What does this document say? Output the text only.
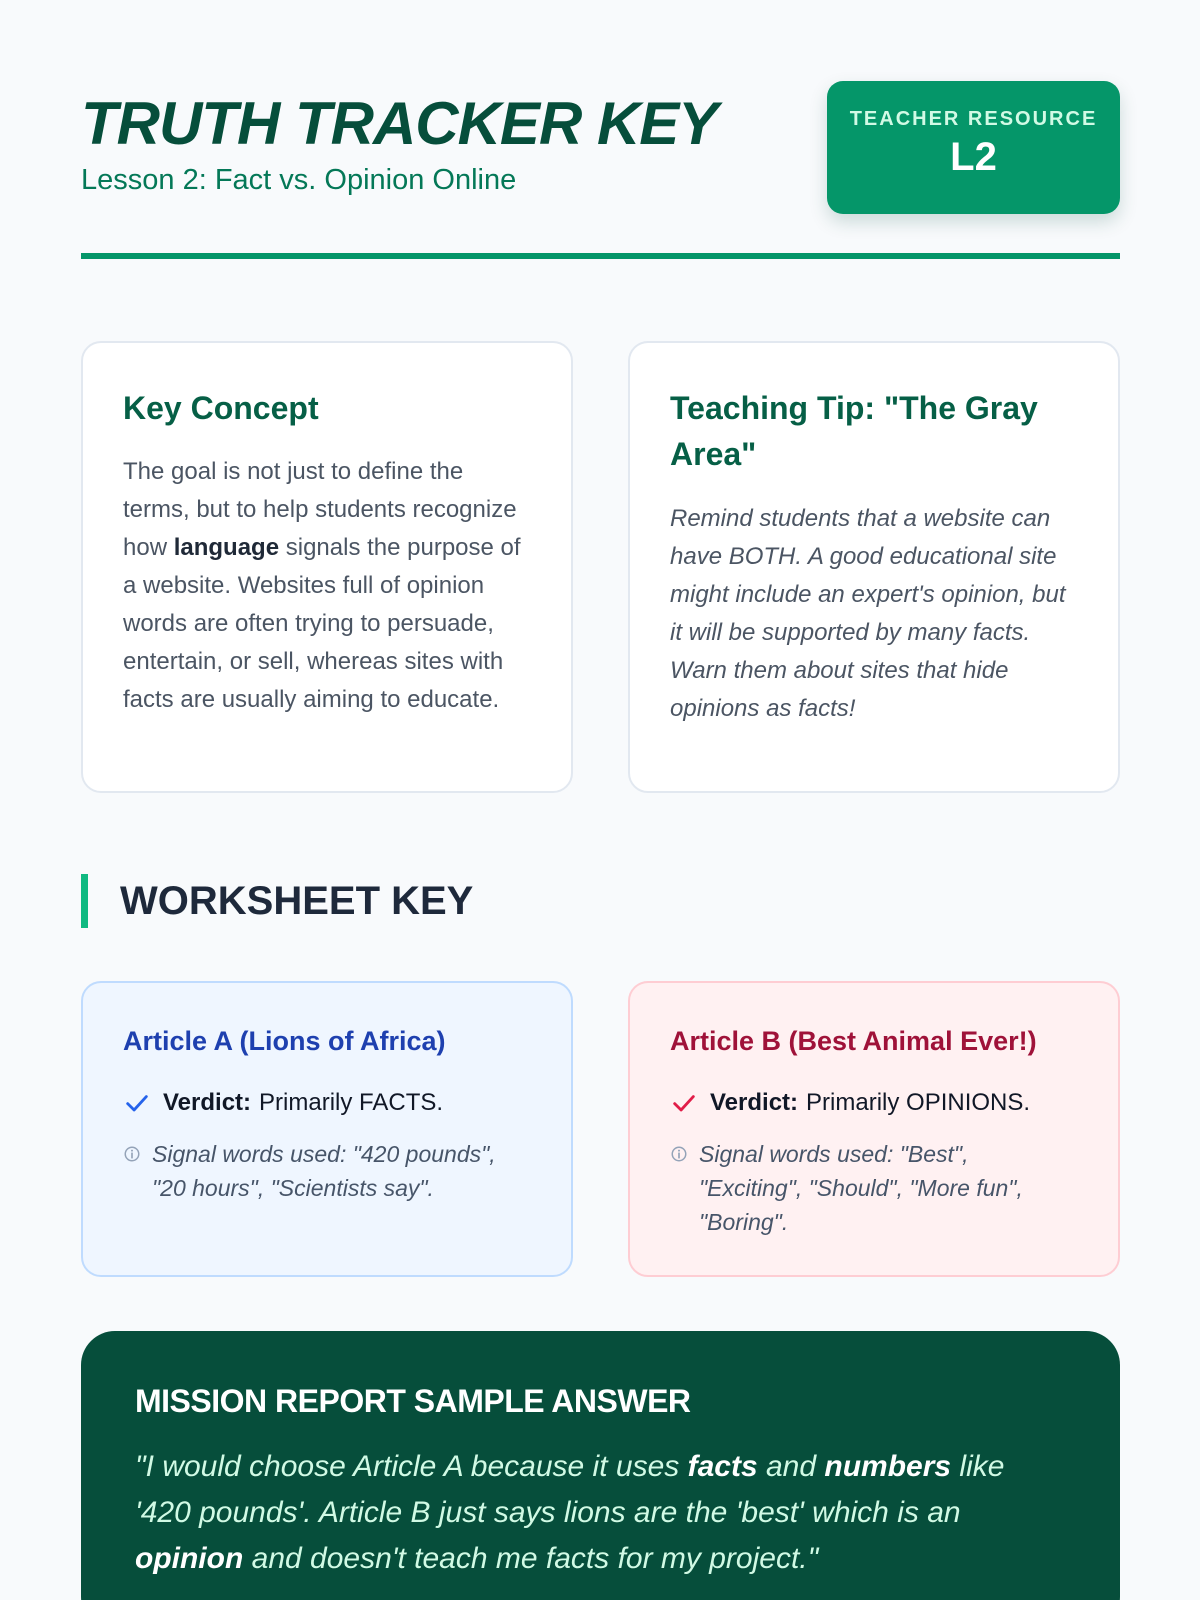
TRUTH TRACKER KEY
Lesson 2: Fact vs. Opinion Online
TEACHER RESOURCE
L2
Key Concept

The goal is not just to define the terms, but to help students recognize how language signals the purpose of a website. Websites full of opinion words are often trying to persuade, entertain, or sell, whereas sites with facts are usually aiming to educate.

Teaching Tip: "The Gray Area"

Remind students that a website can have BOTH. A good educational site might include an expert's opinion, but it will be supported by many facts. Warn them about sites that hide opinions as facts!

WORKSHEET KEY
Article A (Lions of Africa)
Verdict: Primarily FACTS.
Signal words used: "420 pounds", "20 hours", "Scientists say".
Article B (Best Animal Ever!)
Verdict: Primarily OPINIONS.
Signal words used: "Best", "Exciting", "Should", "More fun", "Boring".
MISSION REPORT SAMPLE ANSWER

"I would choose Article A because it uses facts and numbers like '420 pounds'. Article B just says lions are the 'best' which is an opinion and doesn't teach me facts for my project."
